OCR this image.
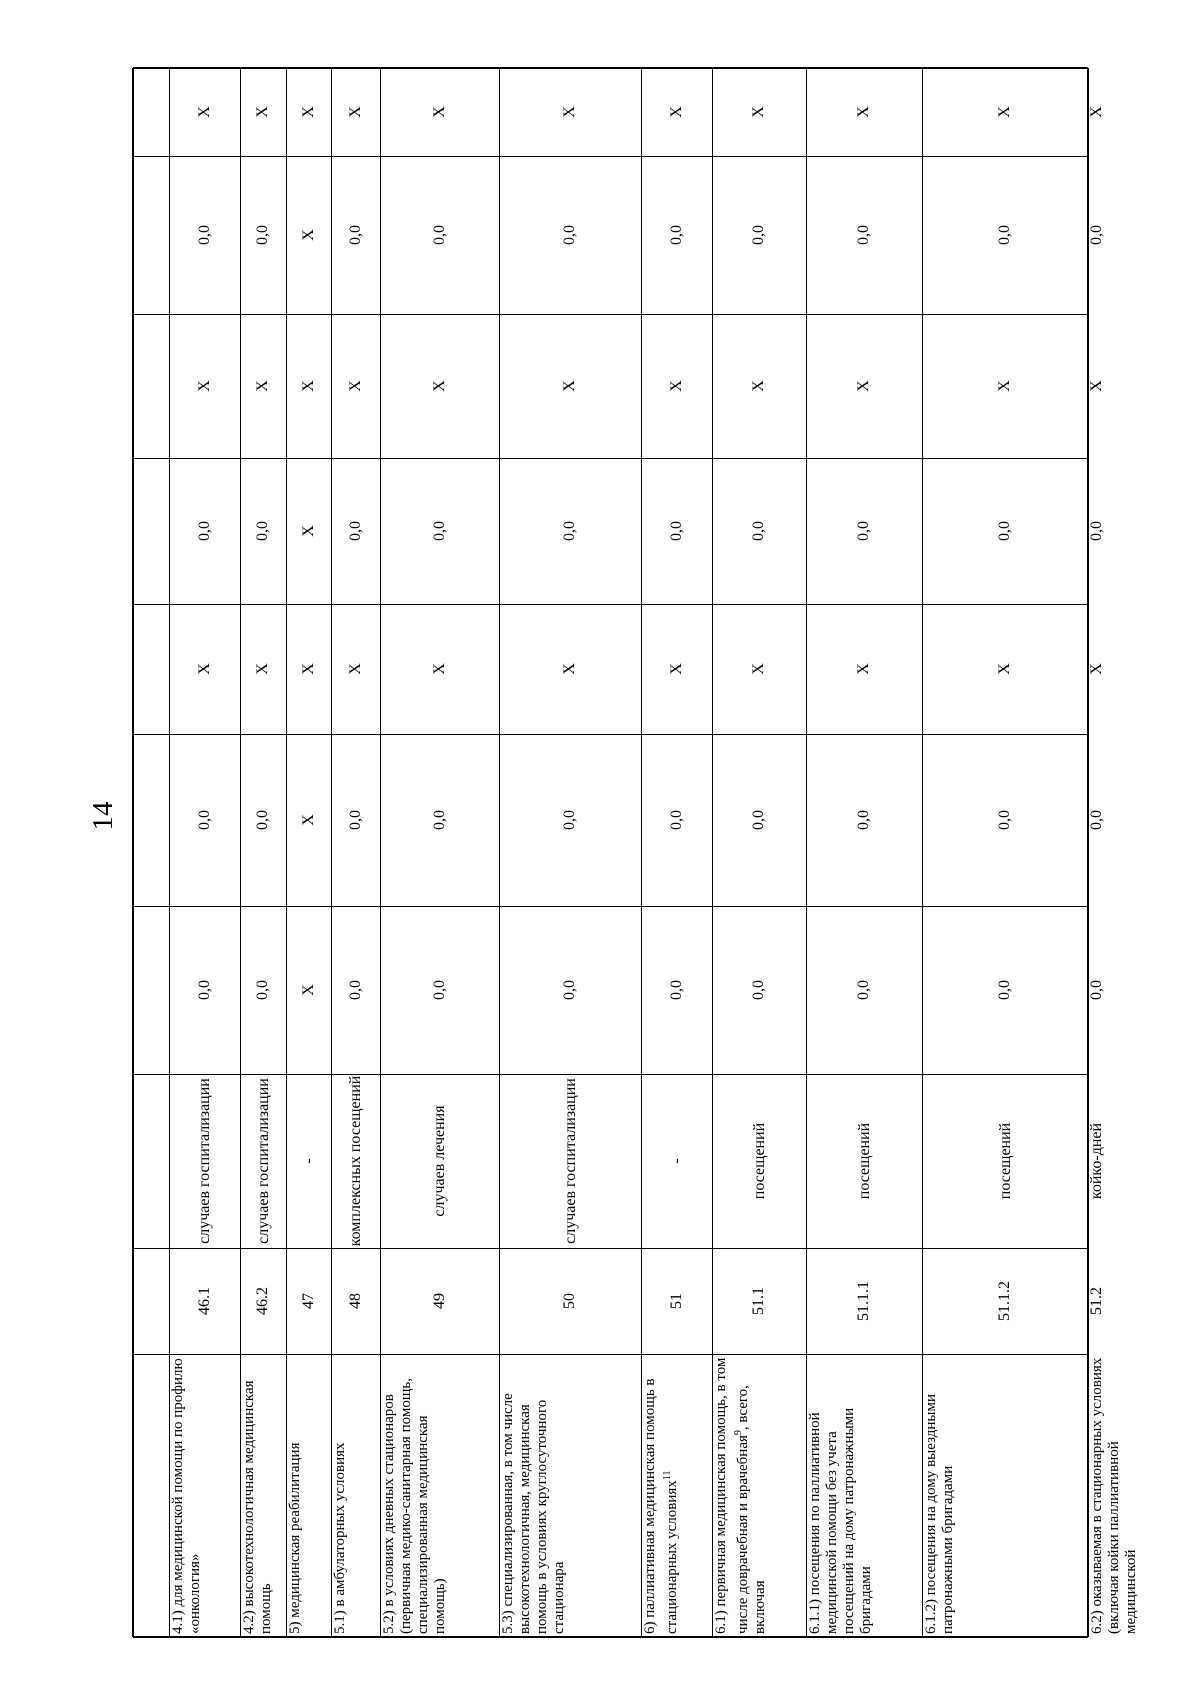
14
4.1) для медицинской помощи по профилю «онкология»
46.1
случаев госпитализации
0,0
0,0
Х
0,0
Х
0,0
Х
4.2) высокотехнологичная медицинская помощь
46.2
случаев госпитализации
0,0
0,0
Х
0,0
Х
0,0
Х
5) медицинская реабилитация
47
-
Х
Х
Х
Х
Х
Х
Х
5.1) в амбулаторных условиях
48
комплексных посещений
0,0
0,0
Х
0,0
Х
0,0
Х
5.2) в условиях дневных стационаров (первичная медико-санитарная помощь, специализированная медицинская помощь)
49
случаев лечения
0,0
0,0
Х
0,0
Х
0,0
Х
5.3) специализированная, в том числе высокотехнологичная, медицинская помощь в условиях круглосуточного стационара
50
случаев госпитализации
0,0
0,0
Х
0,0
Х
0,0
Х
6) паллиативная медицинская помощь в стационарных условиях$^{11}$
51
-
0,0
0,0
Х
0,0
Х
0,0
Х
6.1) первичная медицинская помощь, в том числе доврачебная и врачебная$^9$, всего, включая
51.1
посещений
0,0
0,0
Х
0,0
Х
0,0
Х
6.1.1) посещения по паллиативной медицинской помощи без учета посещений на дому патронажными бригадами
51.1.1
посещений
0,0
0,0
Х
0,0
Х
0,0
Х
6.1.2) посещения на дому выездными патронажными бригадами
51.1.2
посещений
0,0
0,0
Х
0,0
Х
0,0
Х
6.2) оказываемая в стационарных условиях (включая койки паллиативной медицинской
51.2
койко-дней
0,0
0,0
Х
0,0
Х
0,0
Х
